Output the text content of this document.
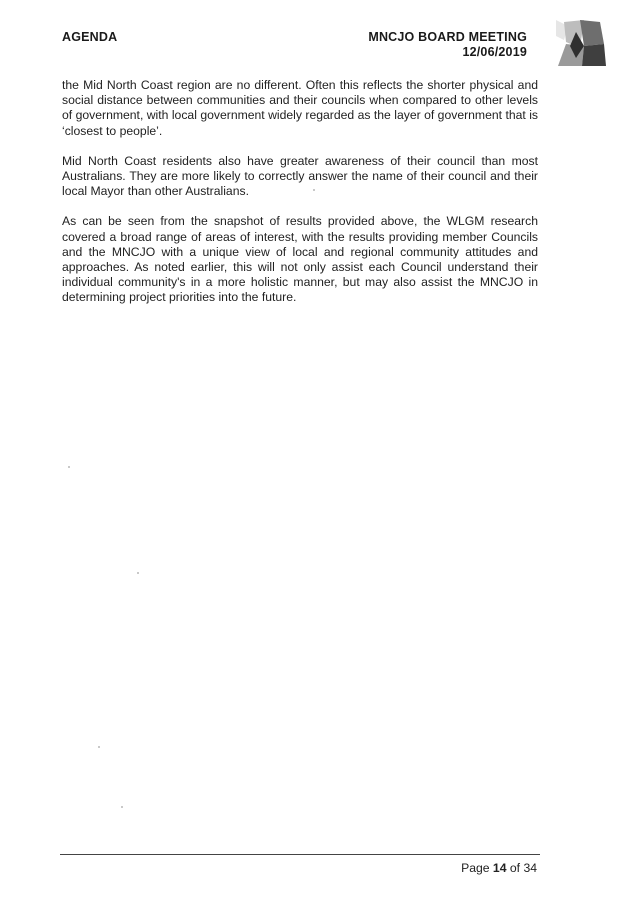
AGENDA	MNCJO BOARD MEETING
12/06/2019

the Mid North Coast region are no different. Often this reflects the shorter physical and social distance between communities and their councils when compared to other levels of government, with local government widely regarded as the layer of government that is ‘closest to people’.

Mid North Coast residents also have greater awareness of their council than most Australians. They are more likely to correctly answer the name of their council and their local Mayor than other Australians.

As can be seen from the snapshot of results provided above, the WLGM research covered a broad range of areas of interest, with the results providing member Councils and the MNCJO with a unique view of local and regional community attitudes and approaches. As noted earlier, this will not only assist each Council understand their individual community's in a more holistic manner, but may also assist the MNCJO in determining project priorities into the future.

Page 14 of 34
